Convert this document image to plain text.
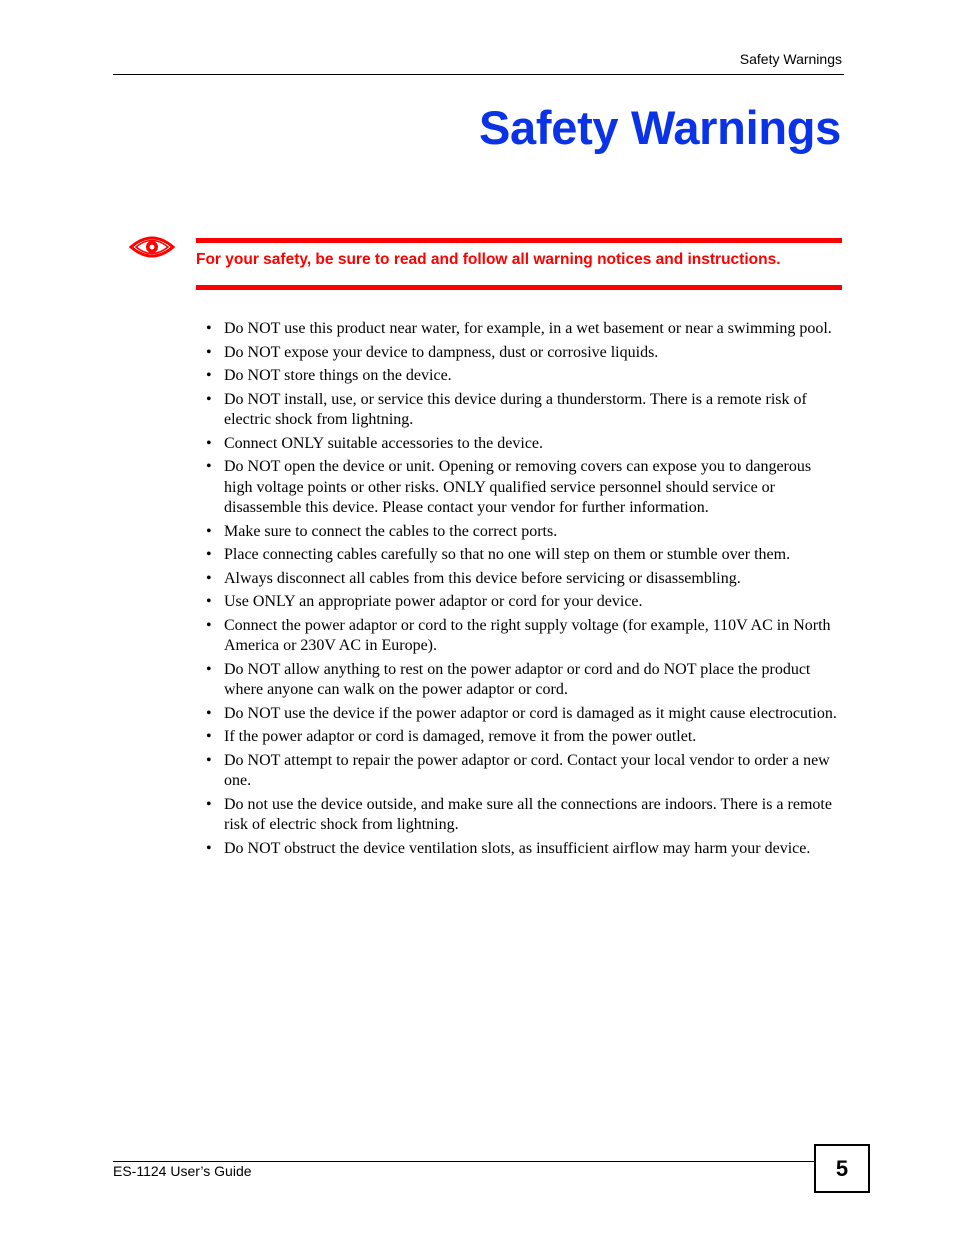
Safety Warnings
Safety Warnings
For your safety, be sure to read and follow all warning notices and instructions.
• Do NOT use this product near water, for example, in a wet basement or near a swimming pool.
• Do NOT expose your device to dampness, dust or corrosive liquids.
• Do NOT store things on the device.
• Do NOT install, use, or service this device during a thunderstorm. There is a remote risk of electric shock from lightning.
• Connect ONLY suitable accessories to the device.
• Do NOT open the device or unit. Opening or removing covers can expose you to dangerous high voltage points or other risks. ONLY qualified service personnel should service or disassemble this device. Please contact your vendor for further information.
• Make sure to connect the cables to the correct ports.
• Place connecting cables carefully so that no one will step on them or stumble over them.
• Always disconnect all cables from this device before servicing or disassembling.
• Use ONLY an appropriate power adaptor or cord for your device.
• Connect the power adaptor or cord to the right supply voltage (for example, 110V AC in North America or 230V AC in Europe).
• Do NOT allow anything to rest on the power adaptor or cord and do NOT place the product where anyone can walk on the power adaptor or cord.
• Do NOT use the device if the power adaptor or cord is damaged as it might cause electrocution.
• If the power adaptor or cord is damaged, remove it from the power outlet.
• Do NOT attempt to repair the power adaptor or cord. Contact your local vendor to order a new one.
• Do not use the device outside, and make sure all the connections are indoors. There is a remote risk of electric shock from lightning.
• Do NOT obstruct the device ventilation slots, as insufficient airflow may harm your device.
ES-1124 User’s Guide	5
